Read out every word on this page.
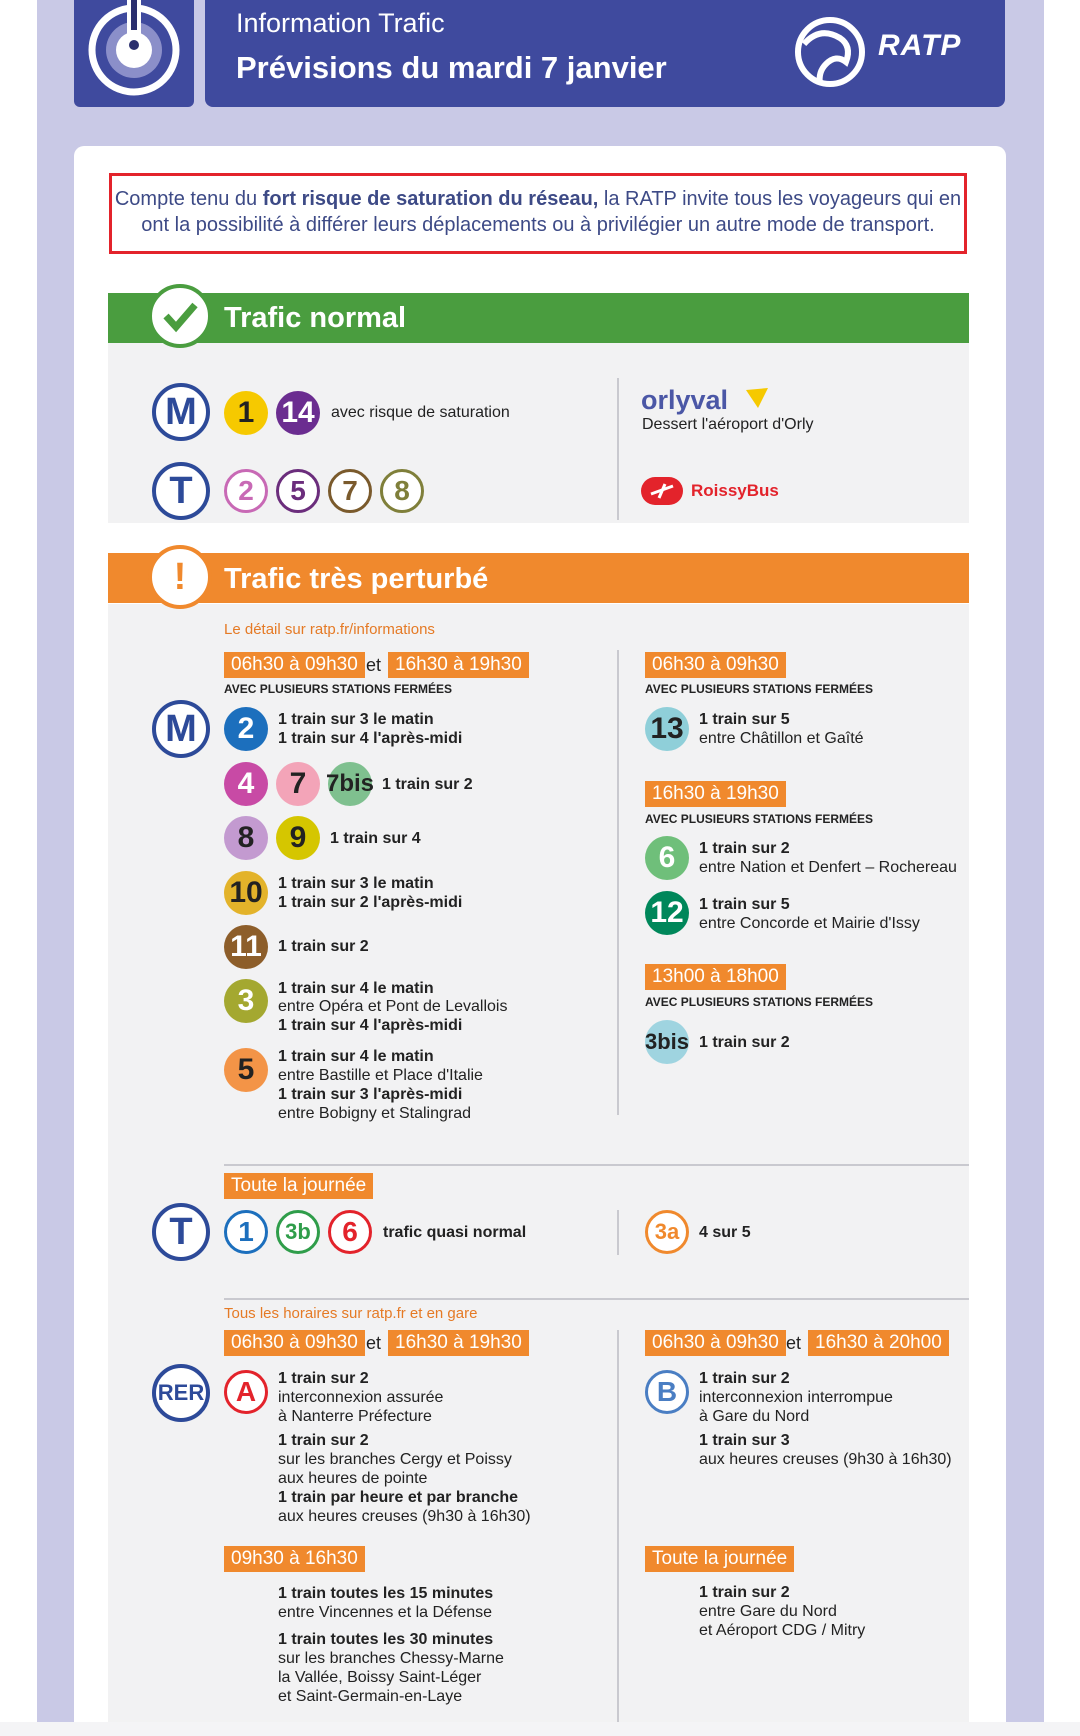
Information Trafic
Prévisions du mardi 7 janvier
RATP
Compte tenu du fort risque de saturation du réseau, la RATP invite tous les voyageurs qui en ont la possibilité à différer leurs déplacements ou à privilégier un autre mode de transport.
Trafic normal
M	1 14	avec risque de saturation
T	2	5	7	8
orlyval
Dessert l'aéroport d'Orly
RoissyBus
!	Trafic très perturbé
Le détail sur ratp.fr/informations
06h30 à 09h30 et 16h30 à 19h30
AVEC PLUSIEURS STATIONS FERMÉES
M	2	1 train sur 3 le matin
1 train sur 4 l'après-midi
4	7 7bis 1 train sur 2
8	9	1 train sur 4
10 1 train sur 3 le matin
1 train sur 2 l'après-midi
11	1 train sur 2
3	1 train sur 4 le matin
entre Opéra et Pont de Levallois
1 train sur 4 l'après-midi
5	1 train sur 4 le matin
entre Bastille et Place d'Italie
1 train sur 3 l'après-midi
entre Bobigny et Stalingrad
06h30 à 09h30
AVEC PLUSIEURS STATIONS FERMÉES
13 1 train sur 5
entre Châtillon et Gaîté
16h30 à 19h30
AVEC PLUSIEURS STATIONS FERMÉES
6	1 train sur 2
entre Nation et Denfert – Rochereau
12 1 train sur 5
entre Concorde et Mairie d'Issy
13h00 à 18h00
AVEC PLUSIEURS STATIONS FERMÉES
3bis 1 train sur 2
Toute la journée
T	1	3b	6	trafic quasi normal	3a	4 sur 5
Tous les horaires sur ratp.fr et en gare
06h30 à 09h30 et 16h30 à 19h30	06h30 à 09h30 et 16h30 à 20h00
RER	A	1 train sur 2
interconnexion assurée
à Nanterre Préfecture
1 train sur 2
sur les branches Cergy et Poissy
aux heures de pointe
1 train par heure et par branche
aux heures creuses (9h30 à 16h30)
B	1 train sur 2
interconnexion interrompue
à Gare du Nord
1 train sur 3
aux heures creuses (9h30 à 16h30)
09h30 à 16h30
1 train toutes les 15 minutes
entre Vincennes et la Défense
1 train toutes les 30 minutes
sur les branches Chessy-Marne
la Vallée, Boissy Saint-Léger
et Saint-Germain-en-Laye
Toute la journée
1 train sur 2
entre Gare du Nord
et Aéroport CDG / Mitry
